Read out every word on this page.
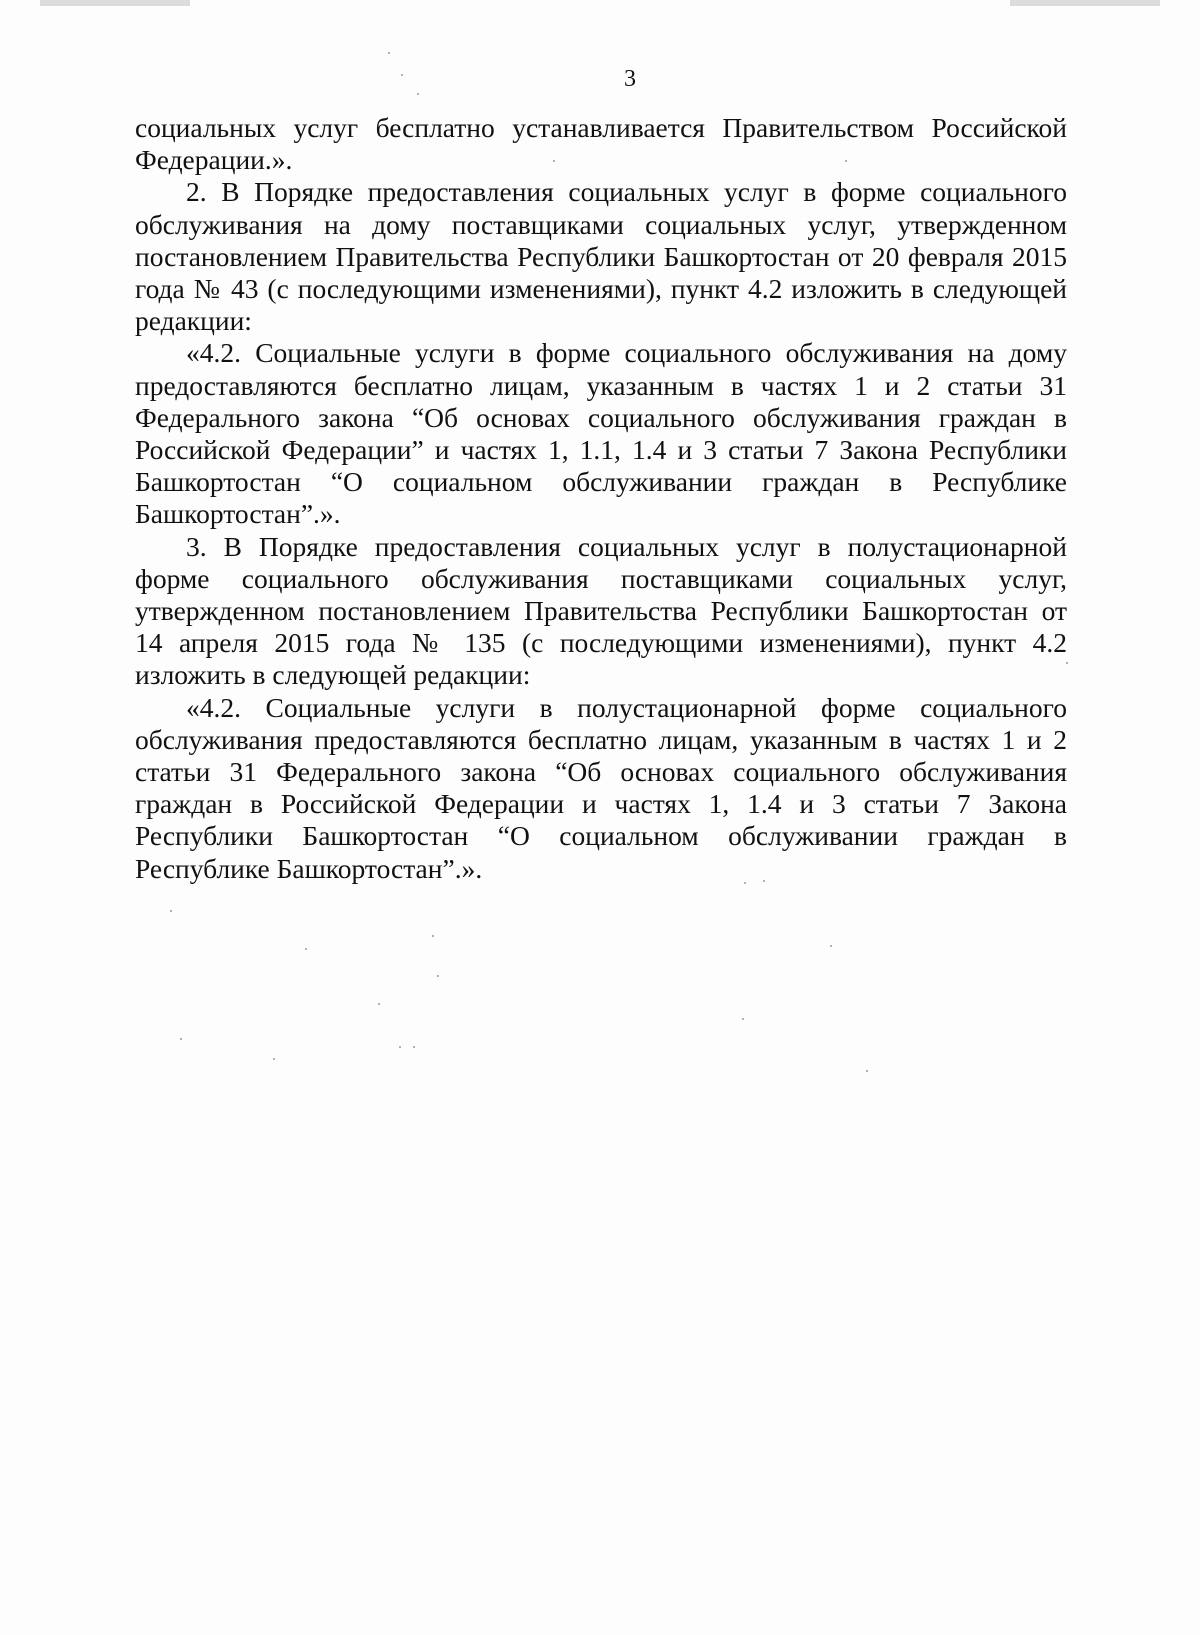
3

социальных услуг бесплатно устанавливается Правительством Российской Федерации.».

2. В Порядке предоставления социальных услуг в форме социального обслуживания на дому поставщиками социальных услуг, утвержденном постановлением Правительства Республики Башкортостан от 20 февраля 2015 года № 43 (с последующими изменениями), пункт 4.2 изложить в следующей редакции:

«4.2. Социальные услуги в форме социального обслуживания на дому предоставляются бесплатно лицам, указанным в частях 1 и 2 статьи 31 Федерального закона “Об основах социального обслуживания граждан в Российской Федерации” и частях 1, 1.1, 1.4 и 3 статьи 7 Закона Республики Башкортостан “О социальном обслуживании граждан в Республике Башкортостан”.».

3. В Порядке предоставления социальных услуг в полустационарной форме социального обслуживания поставщиками социальных услуг, утвержденном постановлением Правительства Республики Башкортостан от 14 апреля 2015 года № 135 (с последующими изменениями), пункт 4.2 изложить в следующей редакции:

«4.2. Социальные услуги в полустационарной форме социального обслуживания предоставляются бесплатно лицам, указанным в частях 1 и 2 статьи 31 Федерального закона “Об основах социального обслуживания граждан в Российской Федерации и частях 1, 1.4 и 3 статьи 7 Закона Республики Башкортостан “О социальном обслуживании граждан в Республике Башкортостан”.».
